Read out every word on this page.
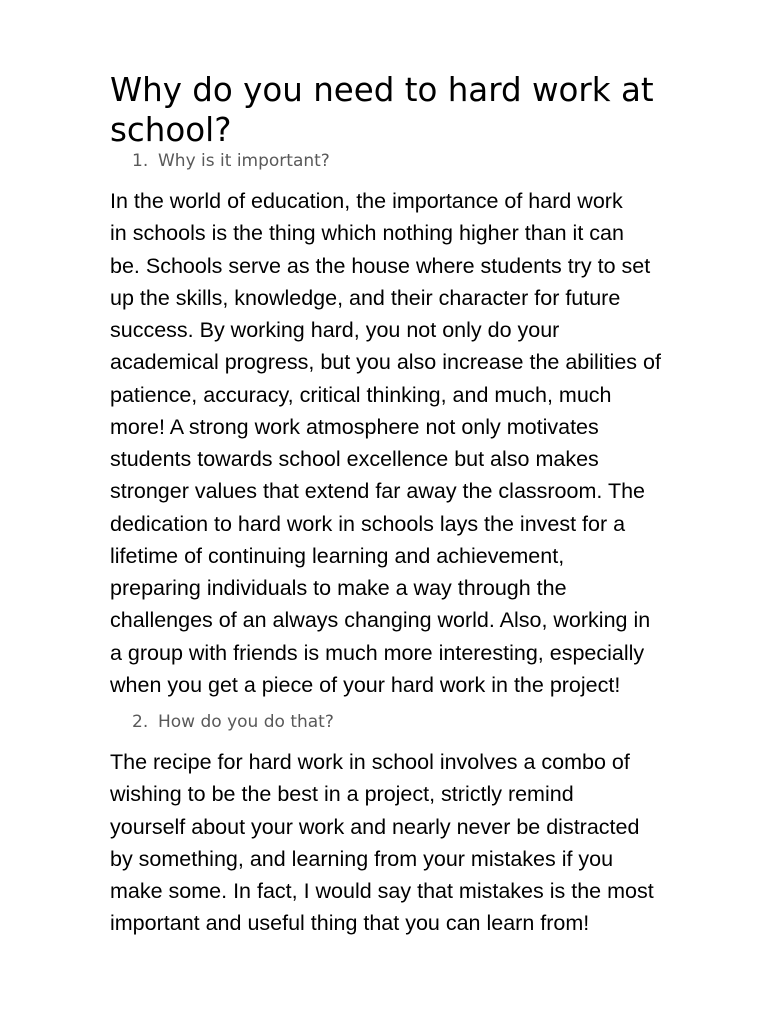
Why do you need to hard work at school?
1. Why is it important?

In the world of education, the importance of hard work
in schools is the thing which nothing higher than it can
be. Schools serve as the house where students try to set
up the skills, knowledge, and their character for future
success. By working hard, you not only do your
academical progress, but you also increase the abilities of
patience, accuracy, critical thinking, and much, much
more! A strong work atmosphere not only motivates
students towards school excellence but also makes
stronger values that extend far away the classroom. The
dedication to hard work in schools lays the invest for a
lifetime of continuing learning and achievement,
preparing individuals to make a way through the
challenges of an always changing world. Also, working in
a group with friends is much more interesting, especially
when you get a piece of your hard work in the project!

2. How do you do that?

The recipe for hard work in school involves a combo of
wishing to be the best in a project, strictly remind
yourself about your work and nearly never be distracted
by something, and learning from your mistakes if you
make some. In fact, I would say that mistakes is the most
important and useful thing that you can learn from!
